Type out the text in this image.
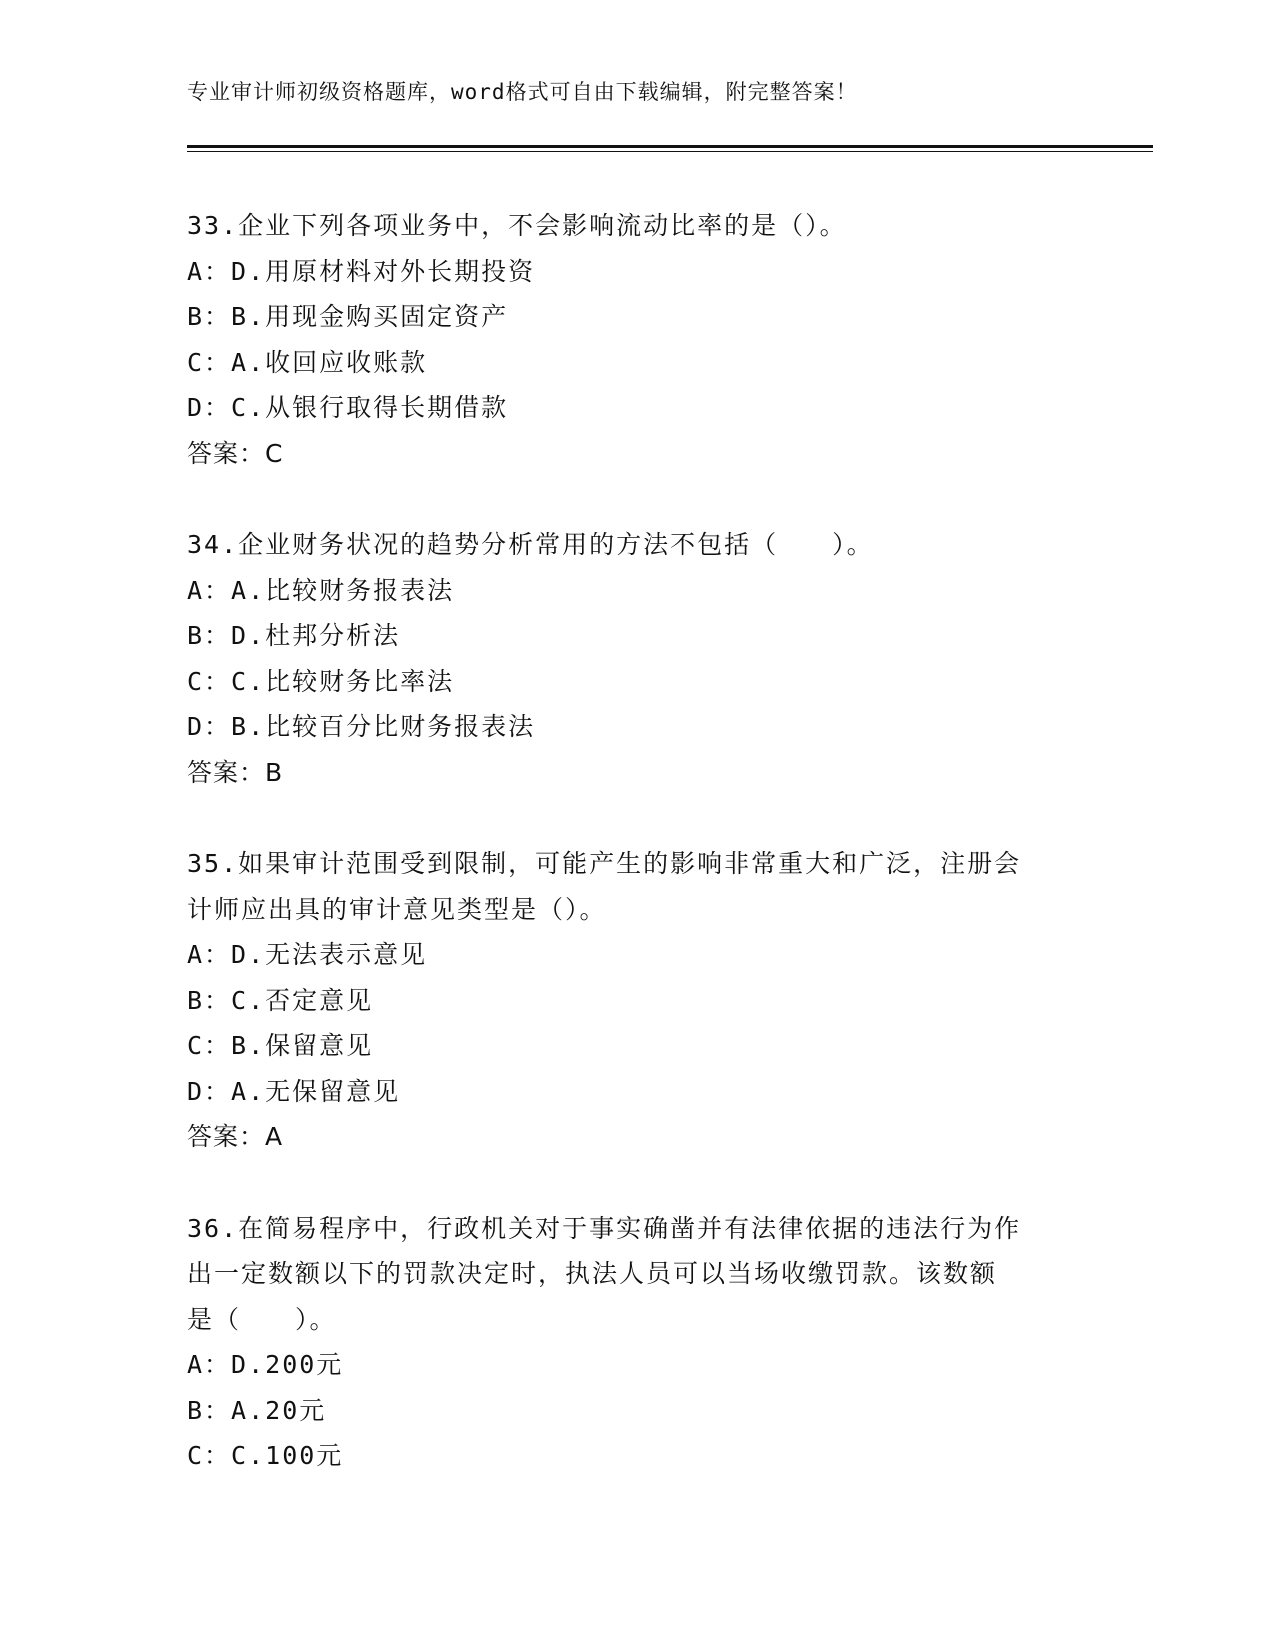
专业审计师初级资格题库，word格式可自由下载编辑，附完整答案！
33.企业下列各项业务中，不会影响流动比率的是（）。
A：D.用原材料对外长期投资
B：B.用现金购买固定资产
C：A.收回应收账款
D：C.从银行取得长期借款
答案：C
34.企业财务状况的趋势分析常用的方法不包括（　　）。
A：A.比较财务报表法
B：D.杜邦分析法
C：C.比较财务比率法
D：B.比较百分比财务报表法
答案：B
35.如果审计范围受到限制，可能产生的影响非常重大和广泛，注册会
计师应出具的审计意见类型是（）。
A：D.无法表示意见
B：C.否定意见
C：B.保留意见
D：A.无保留意见
答案：A
36.在简易程序中，行政机关对于事实确凿并有法律依据的违法行为作
出一定数额以下的罚款决定时，执法人员可以当场收缴罚款。该数额
是（　　）。
A：D.200元
B：A.20元
C：C.100元
